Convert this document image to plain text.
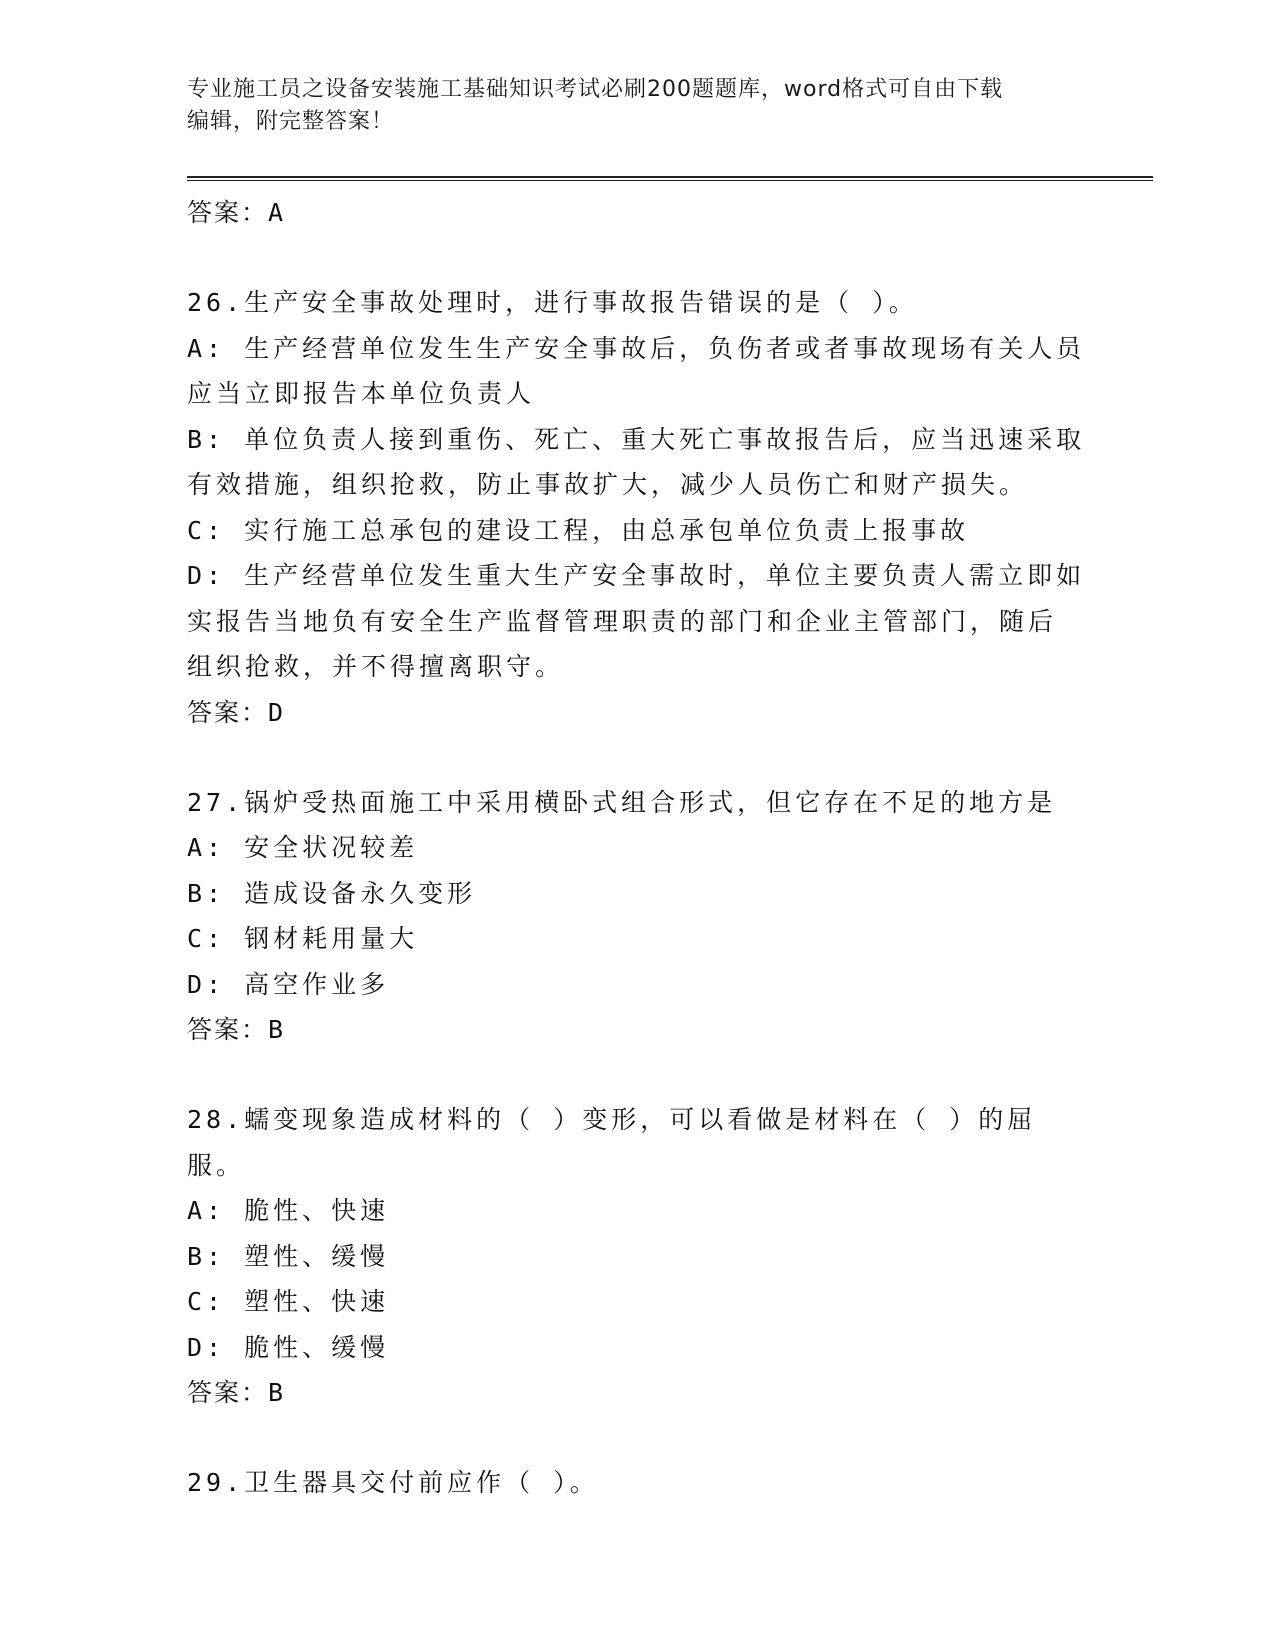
专业施工员之设备安装施工基础知识考试必刷200题题库，word格式可自由下载
编辑，附完整答案！
答案：A
26.生产安全事故处理时，进行事故报告错误的是（ ）。
A: 生产经营单位发生生产安全事故后，负伤者或者事故现场有关人员
应当立即报告本单位负责人
B: 单位负责人接到重伤、死亡、重大死亡事故报告后，应当迅速采取
有效措施，组织抢救，防止事故扩大，减少人员伤亡和财产损失。
C: 实行施工总承包的建设工程，由总承包单位负责上报事故
D: 生产经营单位发生重大生产安全事故时，单位主要负责人需立即如
实报告当地负有安全生产监督管理职责的部门和企业主管部门，随后
组织抢救，并不得擅离职守。
答案：D
27.锅炉受热面施工中采用横卧式组合形式，但它存在不足的地方是
A: 安全状况较差
B: 造成设备永久变形
C: 钢材耗用量大
D: 高空作业多
答案：B
28.蠕变现象造成材料的（ ）变形，可以看做是材料在（ ）的屈服。
A: 脆性、快速
B: 塑性、缓慢
C: 塑性、快速
D: 脆性、缓慢
答案：B
29.卫生器具交付前应作（ ）。
